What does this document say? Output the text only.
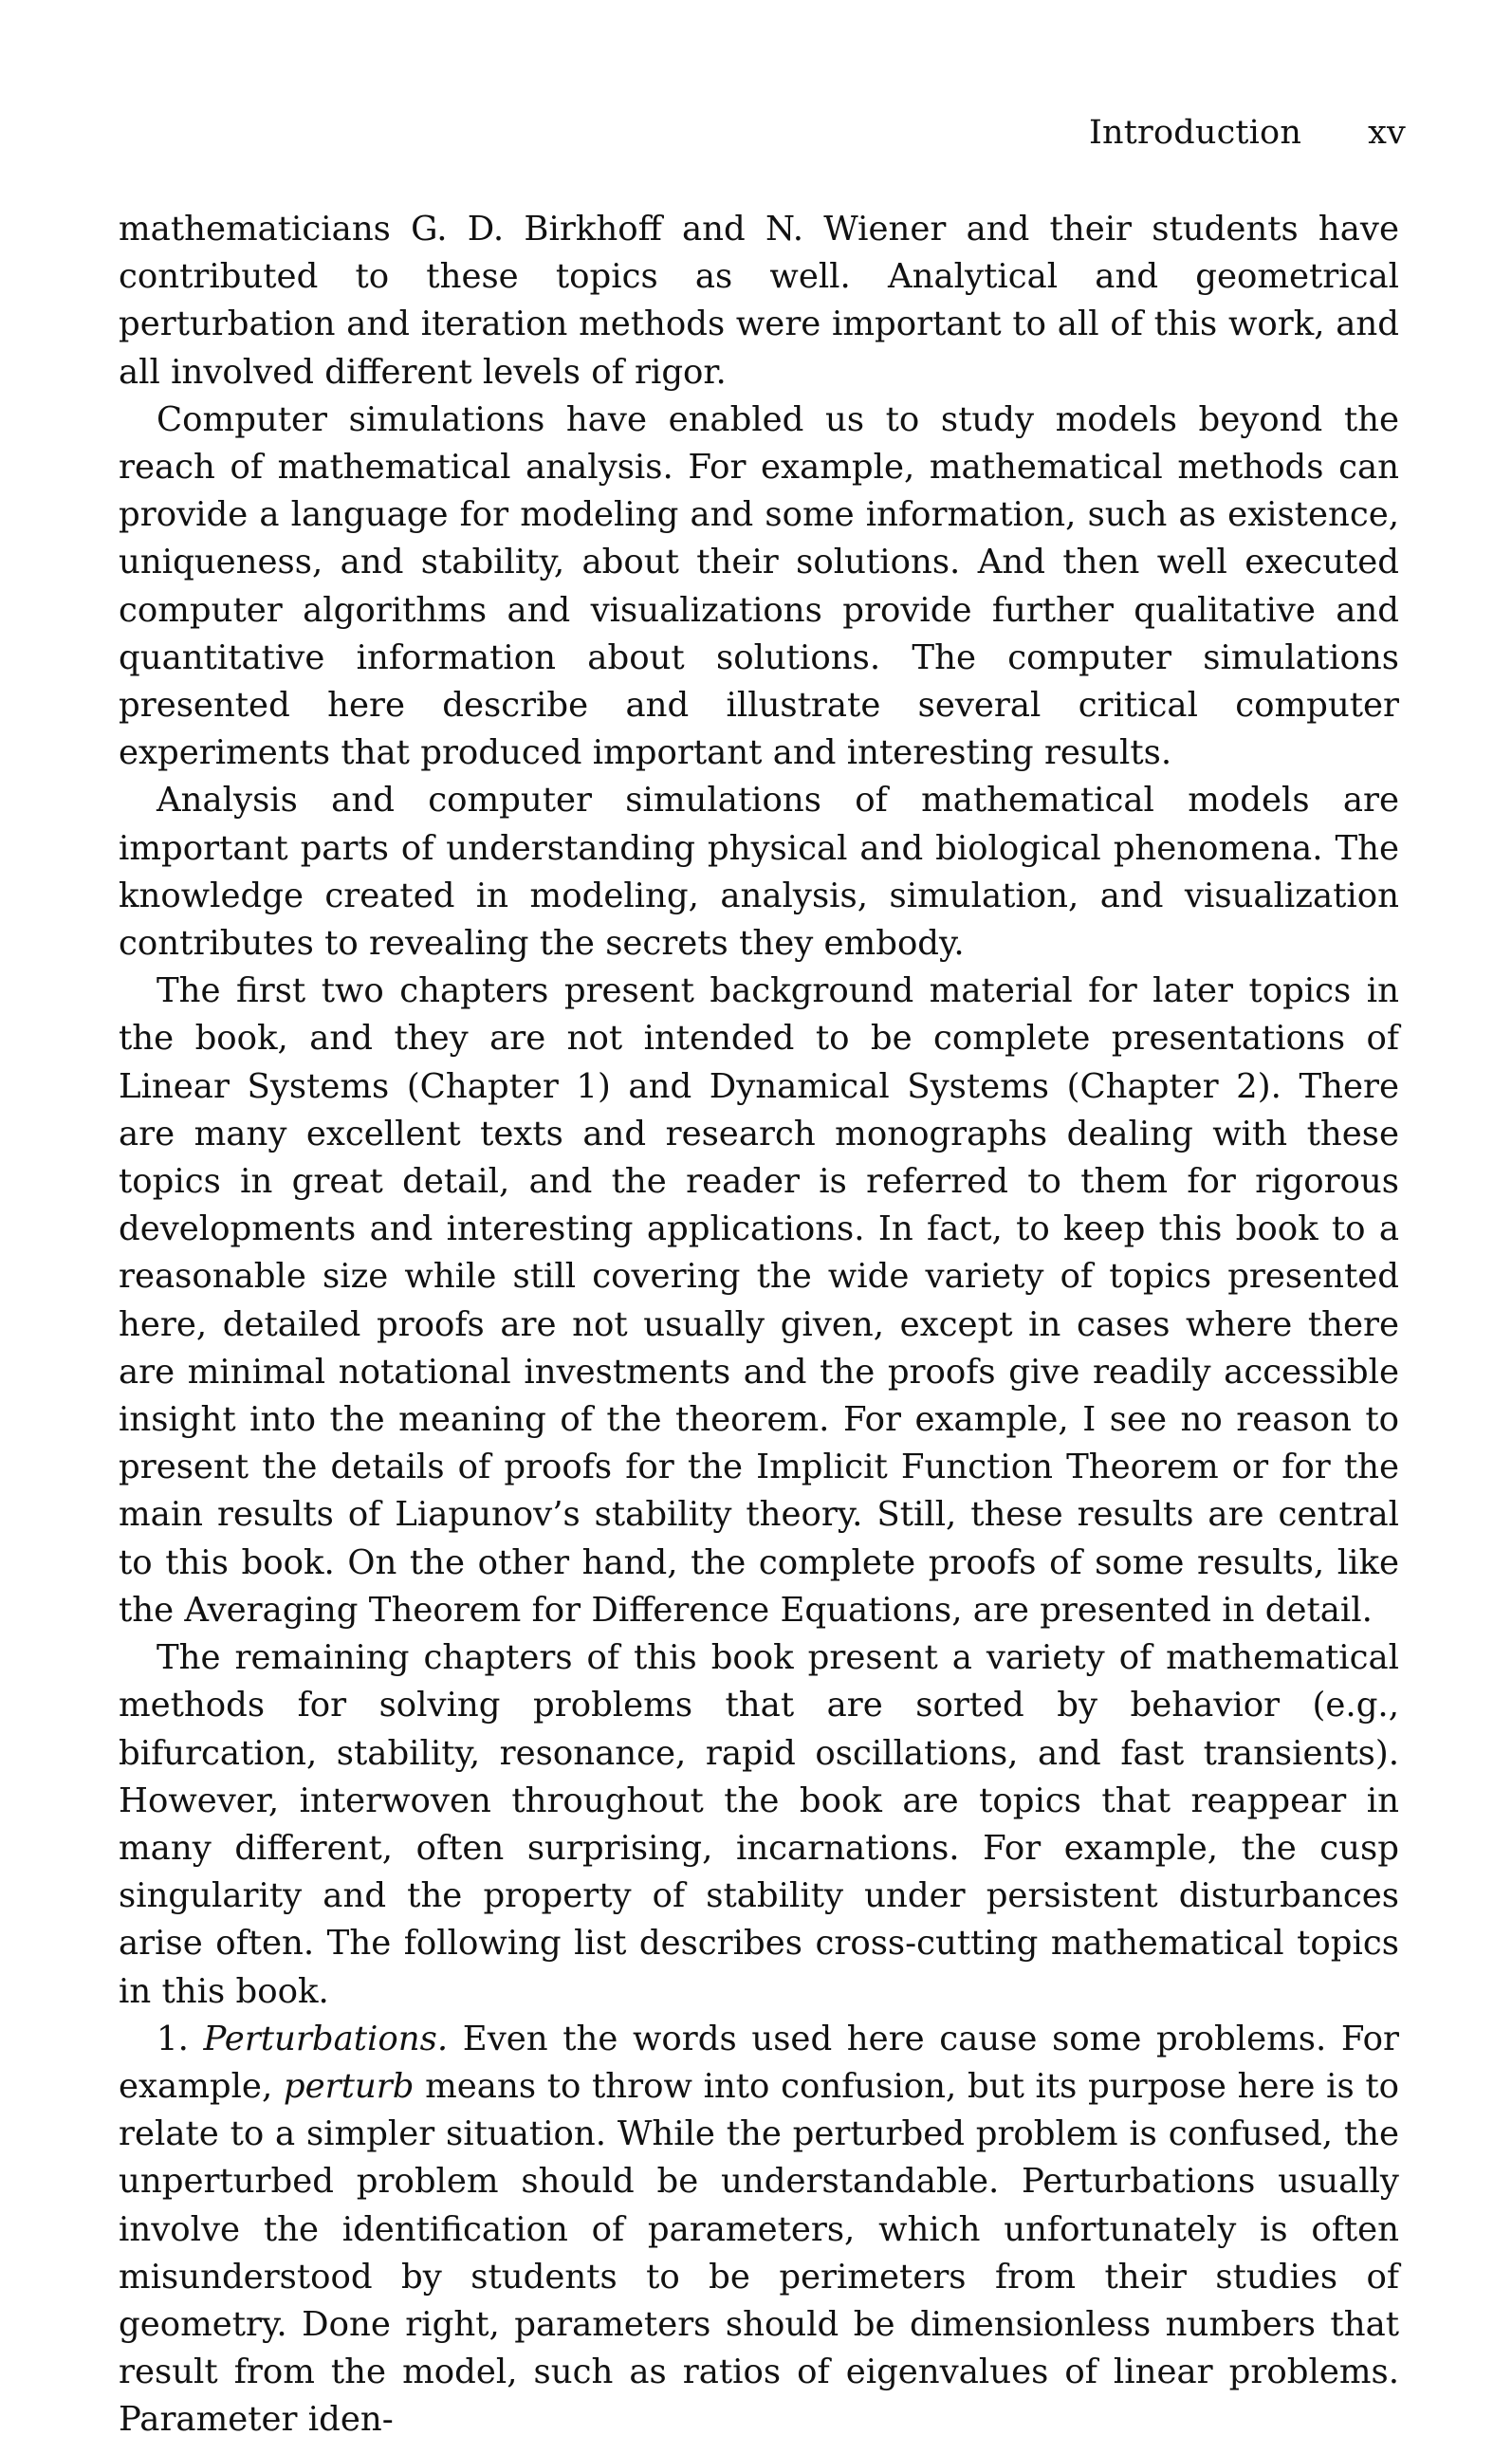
Introduction xv

mathematicians G. D. Birkhoff and N. Wiener and their students have contributed to these topics as well. Analytical and geometrical perturbation and iteration methods were important to all of this work, and all involved different levels of rigor.

Computer simulations have enabled us to study models beyond the reach of mathematical analysis. For example, mathematical methods can provide a language for modeling and some information, such as existence, uniqueness, and stability, about their solutions. And then well executed computer algorithms and visualizations provide further qualitative and quantitative information about solutions. The computer simulations presented here describe and illustrate several critical computer experiments that produced important and interesting results.

Analysis and computer simulations of mathematical models are important parts of understanding physical and biological phenomena. The knowledge created in modeling, analysis, simulation, and visualization contributes to revealing the secrets they embody.

The first two chapters present background material for later topics in the book, and they are not intended to be complete presentations of Linear Systems (Chapter 1) and Dynamical Systems (Chapter 2). There are many excellent texts and research monographs dealing with these topics in great detail, and the reader is referred to them for rigorous developments and interesting applications. In fact, to keep this book to a reasonable size while still covering the wide variety of topics presented here, detailed proofs are not usually given, except in cases where there are minimal notational investments and the proofs give readily accessible insight into the meaning of the theorem. For example, I see no reason to present the details of proofs for the Implicit Function Theorem or for the main results of Liapunov’s stability theory. Still, these results are central to this book. On the other hand, the complete proofs of some results, like the Averaging Theorem for Difference Equations, are presented in detail.

The remaining chapters of this book present a variety of mathematical methods for solving problems that are sorted by behavior (e.g., bifurcation, stability, resonance, rapid oscillations, and fast transients). However, interwoven throughout the book are topics that reappear in many different, often surprising, incarnations. For example, the cusp singularity and the property of stability under persistent disturbances arise often. The following list describes cross-cutting mathematical topics in this book.

1. Perturbations. Even the words used here cause some problems. For example, perturb means to throw into confusion, but its purpose here is to relate to a simpler situation. While the perturbed problem is confused, the unperturbed problem should be understandable. Perturbations usually involve the identification of parameters, which unfortunately is often misunderstood by students to be perimeters from their studies of geometry. Done right, parameters should be dimensionless numbers that result from the model, such as ratios of eigenvalues of linear problems. Parameter iden-
